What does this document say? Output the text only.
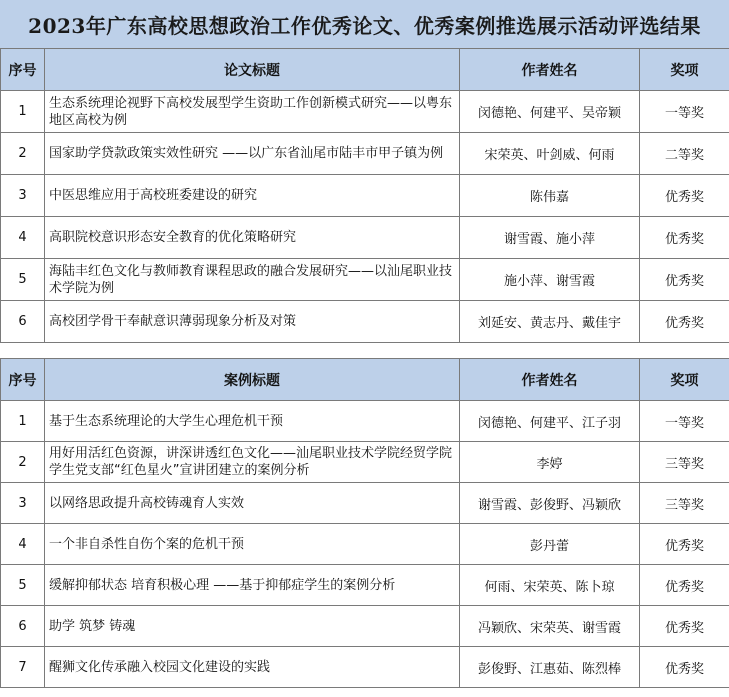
2023年广东高校思想政治工作优秀论文、优秀案例推选展示活动评选结果
序号	论文标题	作者姓名	奖项
1	生态系统理论视野下高校发展型学生资助工作创新模式研究——以粤东地区高校为例	闵德艳、何建平、吴帝颖	一等奖
2	国家助学贷款政策实效性研究 ——以广东省汕尾市陆丰市甲子镇为例	宋荣英、叶剑威、何雨	二等奖
3	中医思维应用于高校班委建设的研究	陈伟嘉	优秀奖
4	高职院校意识形态安全教育的优化策略研究	谢雪霞、施小萍	优秀奖
5	海陆丰红色文化与教师教育课程思政的融合发展研究——以汕尾职业技术学院为例	施小萍、谢雪霞	优秀奖
6	高校团学骨干奉献意识薄弱现象分析及对策	刘延安、黄志丹、戴佳宇	优秀奖
序号	案例标题	作者姓名	奖项
1	基于生态系统理论的大学生心理危机干预	闵德艳、何建平、江子羽	一等奖
2	用好用活红色资源，讲深讲透红色文化——汕尾职业技术学院经贸学院学生党支部“红色星火”宣讲团建立的案例分析	李婷	三等奖
3	以网络思政提升高校铸魂育人实效	谢雪霞、彭俊野、冯颖欣	三等奖
4	一个非自杀性自伤个案的危机干预	彭丹蕾	优秀奖
5	缓解抑郁状态 培育积极心理 ——基于抑郁症学生的案例分析	何雨、宋荣英、陈卜琼	优秀奖
6	助学 筑梦 铸魂	冯颖欣、宋荣英、谢雪霞	优秀奖
7	醒狮文化传承融入校园文化建设的实践	彭俊野、江惠茹、陈烈棒	优秀奖
